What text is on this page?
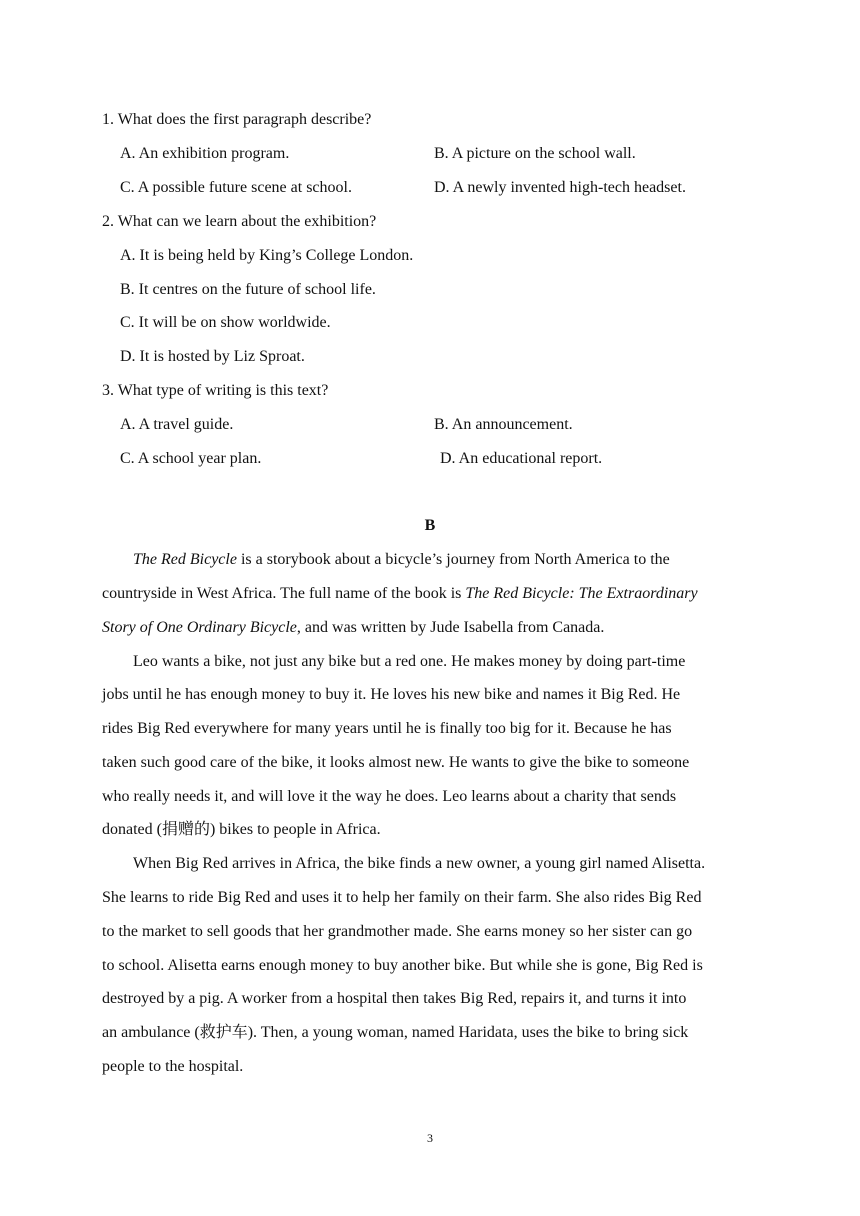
1. What does the first paragraph describe?
A. An exhibition program.	B. A picture on the school wall.
C. A possible future scene at school.	D. A newly invented high-tech headset.
2. What can we learn about the exhibition?
A. It is being held by King’s College London.
B. It centres on the future of school life.
C. It will be on show worldwide.
D. It is hosted by Liz Sproat.
3. What type of writing is this text?
A. A travel guide.	B. An announcement.
C. A school year plan.	D. An educational report.
B
The Red Bicycle is a storybook about a bicycle’s journey from North America to the
countryside in West Africa. The full name of the book is The Red Bicycle: The Extraordinary
Story of One Ordinary Bicycle, and was written by Jude Isabella from Canada.
Leo wants a bike, not just any bike but a red one. He makes money by doing part-time
jobs until he has enough money to buy it. He loves his new bike and names it Big Red. He
rides Big Red everywhere for many years until he is finally too big for it. Because he has
taken such good care of the bike, it looks almost new. He wants to give the bike to someone
who really needs it, and will love it the way he does. Leo learns about a charity that sends
donated (捐赠的) bikes to people in Africa.
When Big Red arrives in Africa, the bike finds a new owner, a young girl named Alisetta.
She learns to ride Big Red and uses it to help her family on their farm. She also rides Big Red
to the market to sell goods that her grandmother made. She earns money so her sister can go
to school. Alisetta earns enough money to buy another bike. But while she is gone, Big Red is
destroyed by a pig. A worker from a hospital then takes Big Red, repairs it, and turns it into
an ambulance (救护车). Then, a young woman, named Haridata, uses the bike to bring sick
people to the hospital.
3
